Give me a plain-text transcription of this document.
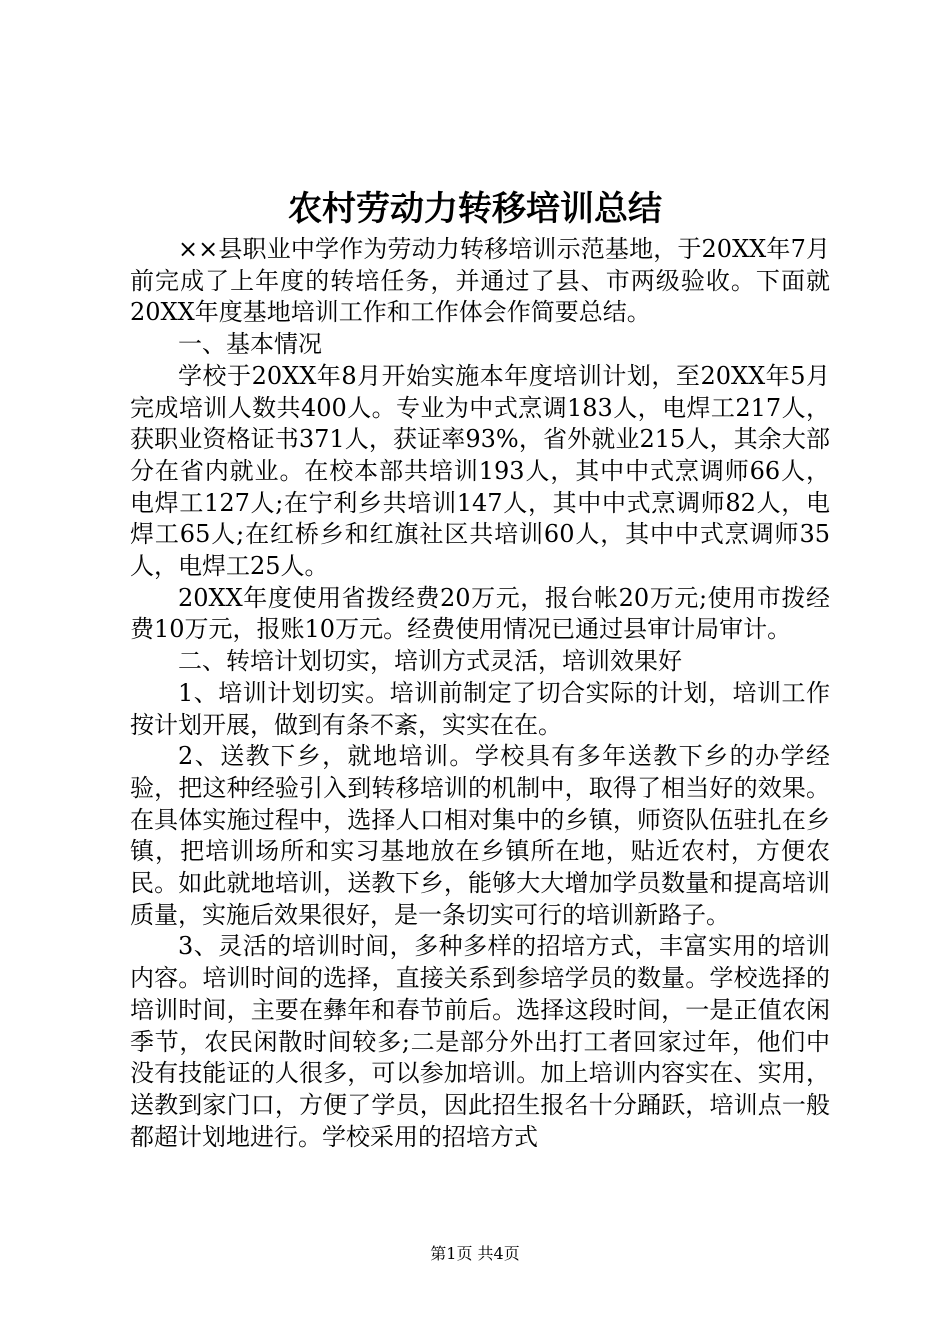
农村劳动力转移培训总结

××县职业中学作为劳动力转移培训示范基地，于20XX年7月前完成了上年度的转培任务，并通过了县、市两级验收。下面就20XX年度基地培训工作和工作体会作简要总结。

一、基本情况

学校于20XX年8月开始实施本年度培训计划，至20XX年5月完成培训人数共400人。专业为中式烹调183人，电焊工217人，获职业资格证书371人，获证率93%，省外就业215人，其余大部分在省内就业。在校本部共培训193人，其中中式烹调师66人，电焊工127人;在宁利乡共培训147人，其中中式烹调师82人，电焊工65人;在红桥乡和红旗社区共培训60人，其中中式烹调师35人，电焊工25人。

20XX年度使用省拨经费20万元，报台帐20万元;使用市拨经费10万元，报账10万元。经费使用情况已通过县审计局审计。

二、转培计划切实，培训方式灵活，培训效果好

1、培训计划切实。培训前制定了切合实际的计划，培训工作按计划开展，做到有条不紊，实实在在。

2、送教下乡，就地培训。学校具有多年送教下乡的办学经验，把这种经验引入到转移培训的机制中，取得了相当好的效果。在具体实施过程中，选择人口相对集中的乡镇，师资队伍驻扎在乡镇，把培训场所和实习基地放在乡镇所在地，贴近农村，方便农民。如此就地培训，送教下乡，能够大大增加学员数量和提高培训质量，实施后效果很好，是一条切实可行的培训新路子。

3、灵活的培训时间，多种多样的招培方式，丰富实用的培训内容。培训时间的选择，直接关系到参培学员的数量。学校选择的培训时间，主要在彝年和春节前后。选择这段时间，一是正值农闲季节，农民闲散时间较多;二是部分外出打工者回家过年，他们中没有技能证的人很多，可以参加培训。加上培训内容实在、实用，送教到家门口，方便了学员，因此招生报名十分踊跃，培训点一般都超计划地进行。学校采用的招培方式

第1页 共4页
